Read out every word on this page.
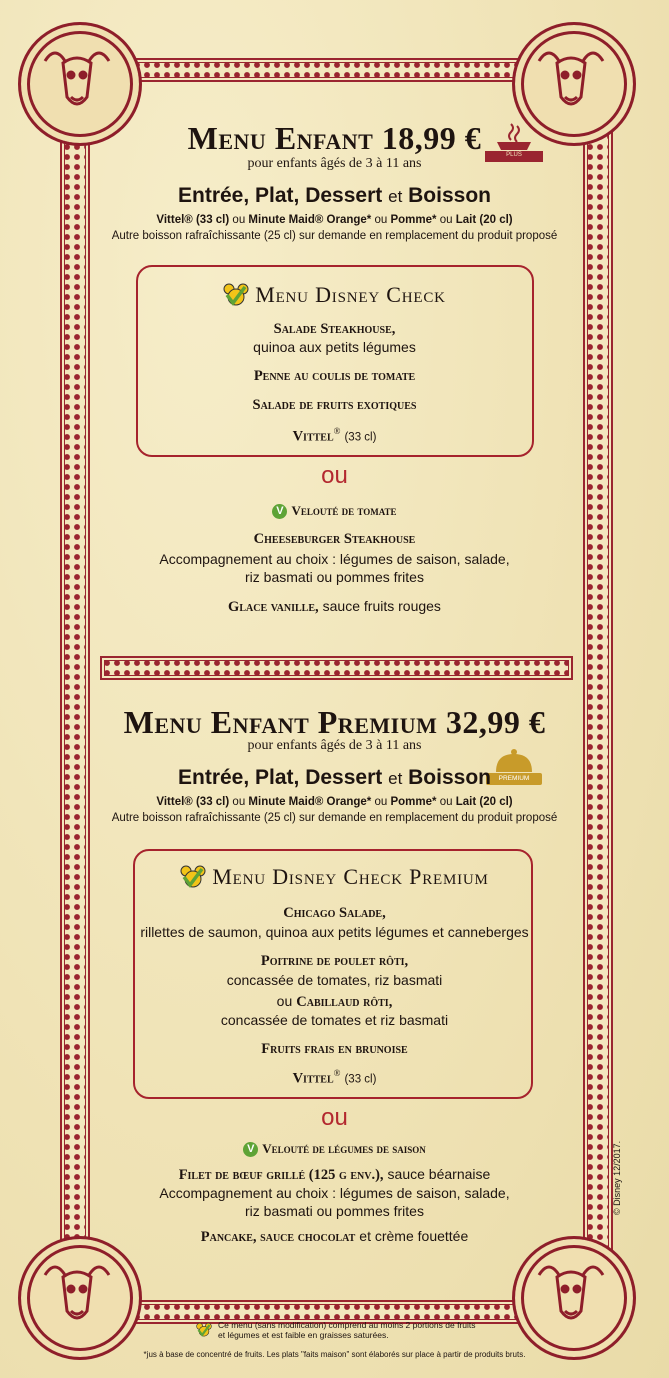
Menu Enfant 18,99 €	PLUS
pour enfants âgés de 3 à 11 ans
Entrée, Plat, Dessert et Boisson
Vittel® (33 cl) ou Minute Maid® Orange* ou Pomme* ou Lait (20 cl)
Autre boisson rafraîchissante (25 cl) sur demande en remplacement du produit proposé
Menu Disney Check
Salade Steakhouse,
quinoa aux petits légumes
Penne au coulis de tomate
Salade de fruits exotiques
Vittel® (33 cl)
ou
V Velouté de tomate
Cheeseburger Steakhouse
Accompagnement au choix : légumes de saison, salade,
riz basmati ou pommes frites
Glace vanille, sauce fruits rouges
Menu Enfant Premium 32,99 €
PREMIUM
pour enfants âgés de 3 à 11 ans
Entrée, Plat, Dessert et Boisson
Vittel® (33 cl) ou Minute Maid® Orange* ou Pomme* ou Lait (20 cl)
Autre boisson rafraîchissante (25 cl) sur demande en remplacement du produit proposé
Menu Disney Check Premium
Chicago Salade,
rillettes de saumon, quinoa aux petits légumes et canneberges
Poitrine de poulet rôti,
concassée de tomates, riz basmati
ou Cabillaud rôti,
concassée de tomates et riz basmati
Fruits frais en brunoise
Vittel® (33 cl)
ou
V Velouté de légumes de saison
Filet de bœuf grillé (125 g env.), sauce béarnaise
Accompagnement au choix : légumes de saison, salade,
riz basmati ou pommes frites
Pancake, sauce chocolat et crème fouettée
© Disney 12/2017.
Ce menu (sans modification) comprend au moins 2 portions de fruits
et légumes et est faible en graisses saturées.
*jus à base de concentré de fruits. Les plats "faits maison" sont élaborés sur place à partir de produits bruts.
